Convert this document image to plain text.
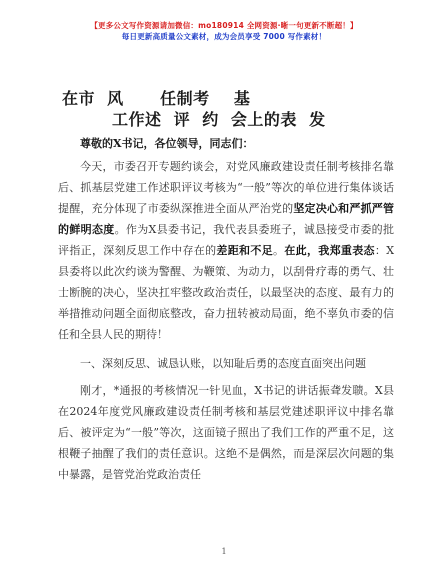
【更多公文写作资源请加微信：mo180914 全网资源·晰一句更新不断超！】
每日更新高质量公文素材，成为会员享受 7000 写作素材！
在市  风      任制考    基
工作述  评  约  会上的表  发

尊敬的X书记，各位领导，同志们：

今天，市委召开专题约谈会，对党风廉政建设责任制考核排名靠后、抓基层党建工作述职评议考核为“一般”等次的单位进行集体谈话提醒，充分体现了市委纵深推进全面从严治党的坚定决心和严抓严管的鲜明态度。作为X县委书记，我代表县委班子，诚恳接受市委的批评指正，深刻反思工作中存在的差距和不足。在此，我郑重表态：X县委将以此次约谈为警醒、为鞭策、为动力，以刮骨疗毒的勇气、壮士断腕的决心，坚决扛牢整改政治责任，以最坚决的态度、最有力的举措推动问题全面彻底整改，奋力扭转被动局面，绝不辜负市委的信任和全县人民的期待！

一、深刻反思、诚恳认账，以知耻后勇的态度直面突出问题

刚才，*通报的考核情况一针见血，X书记的讲话振聋发聩。X县在2024年度党风廉政建设责任制考核和基层党建述职评议中排名靠后、被评定为“一般”等次，这面镜子照出了我们工作的严重不足，这根鞭子抽醒了我们的责任意识。这绝不是偶然，而是深层次问题的集中暴露，是管党治党政治责任

1
